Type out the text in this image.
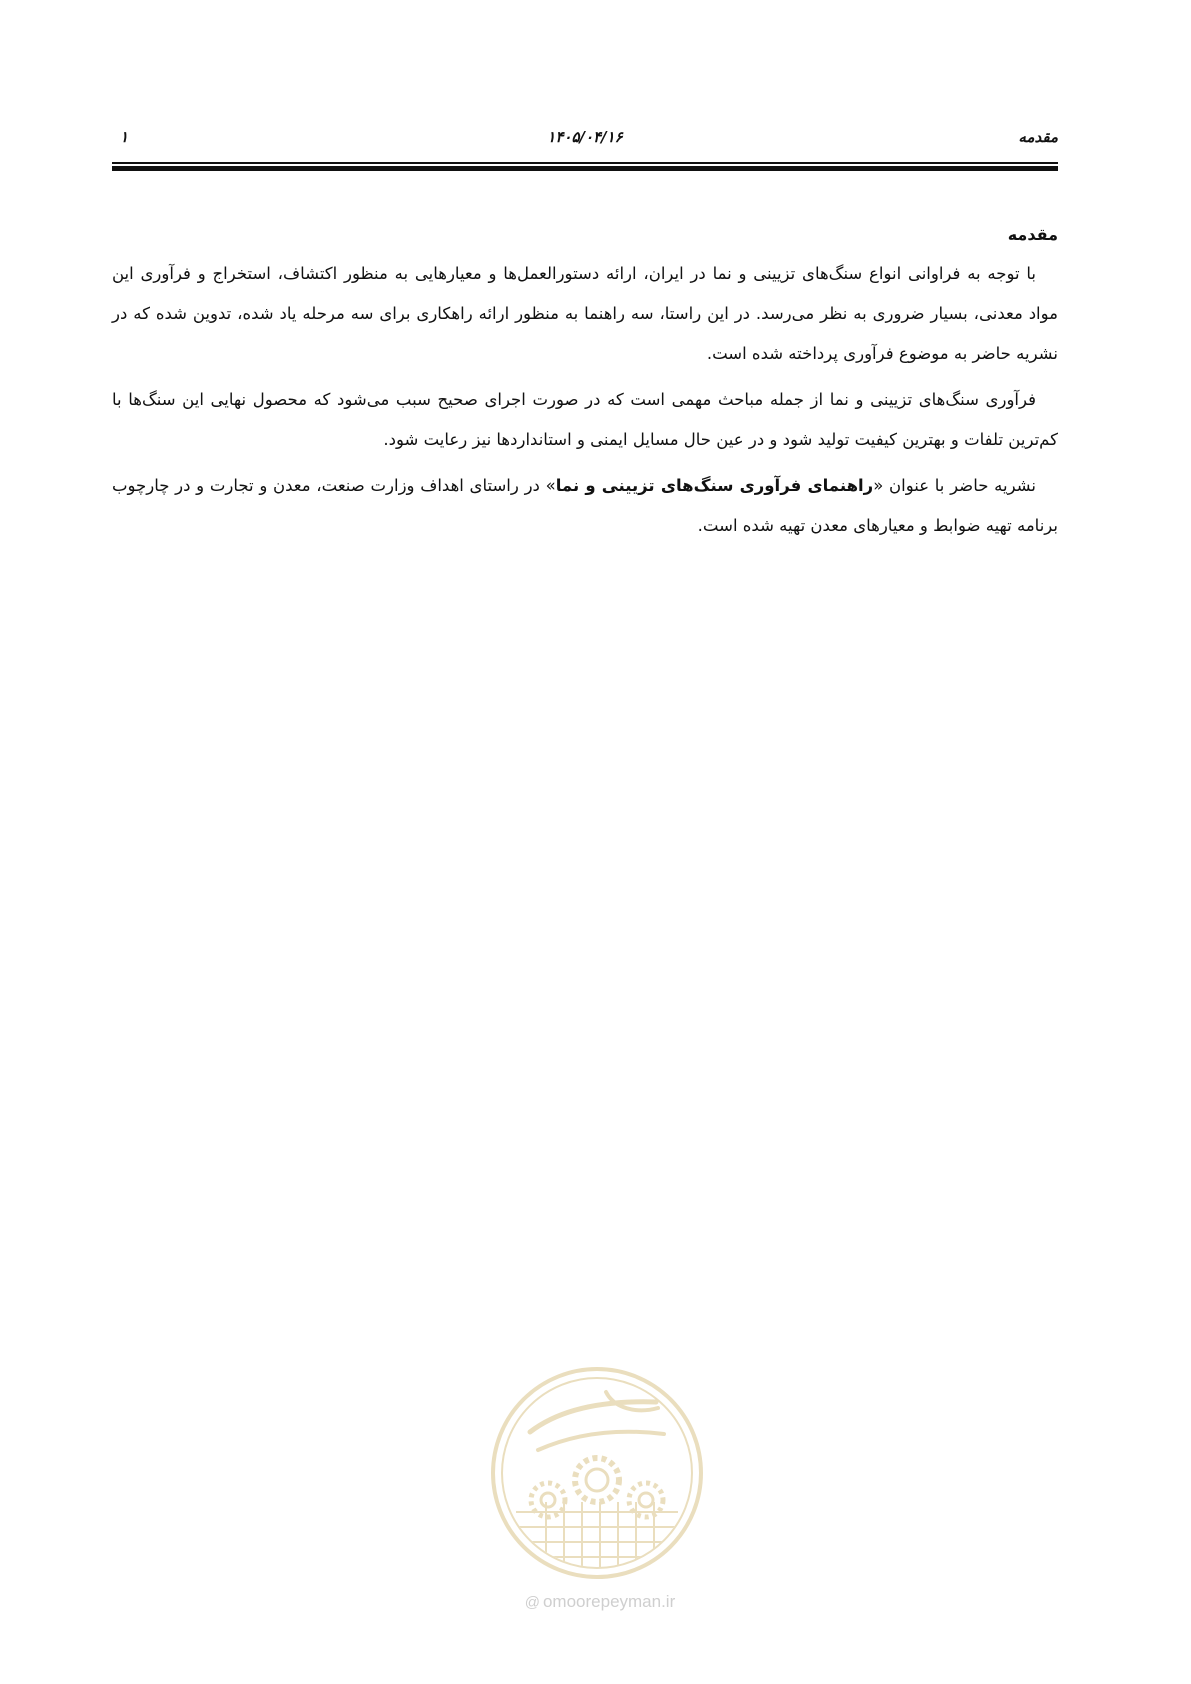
مقدمه
۱۴۰۵/۰۴/۱۶
۱
مقدمه

با توجه به فراوانی انواع سنگ‌های تزیینی و نما در ایران، ارائه دستورالعمل‌ها و معیارهایی به منظور اکتشاف، استخراج و فرآوری این مواد معدنی، بسیار ضروری به نظر می‌رسد. در این راستا، سه راهنما به منظور ارائه راهکاری برای سه مرحله یاد شده، تدوین شده که در نشریه حاضر به موضوع فرآوری پرداخته شده است.

فرآوری سنگ‌های تزیینی و نما از جمله مباحث مهمی است که در صورت اجرای صحیح سبب می‌شود که محصول نهایی این سنگ‌ها با کم‌ترین تلفات و بهترین کیفیت تولید شود و در عین حال مسایل ایمنی و استانداردها نیز رعایت شود.

نشریه حاضر با عنوان «راهنمای فرآوری سنگ‌های تزیینی و نما» در راستای اهداف وزارت صنعت، معدن و تجارت و در چارچوب برنامه تهیه ضوابط و معیارهای معدن تهیه شده است.

@ omoorepeyman.ir
